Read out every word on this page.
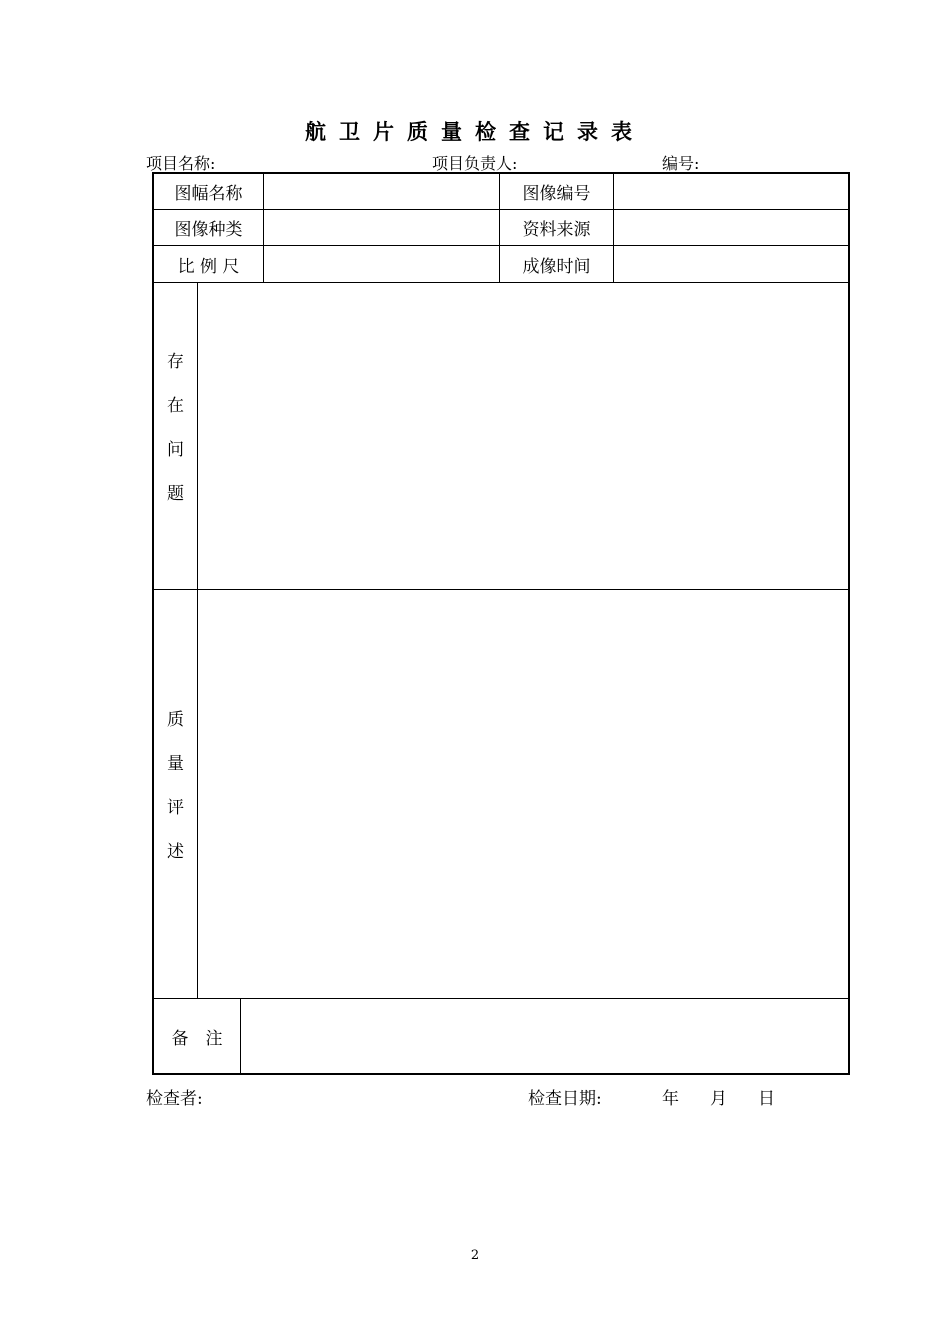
航卫片质量检查记录表
项目名称:	项目负责人:	编号:
图幅名称	图像编号
图像种类	资料来源
比 例 尺	成像时间
存
在
问
题
质
量
评
述
备　注
检查者:	检查日期:	年 月 日
2
